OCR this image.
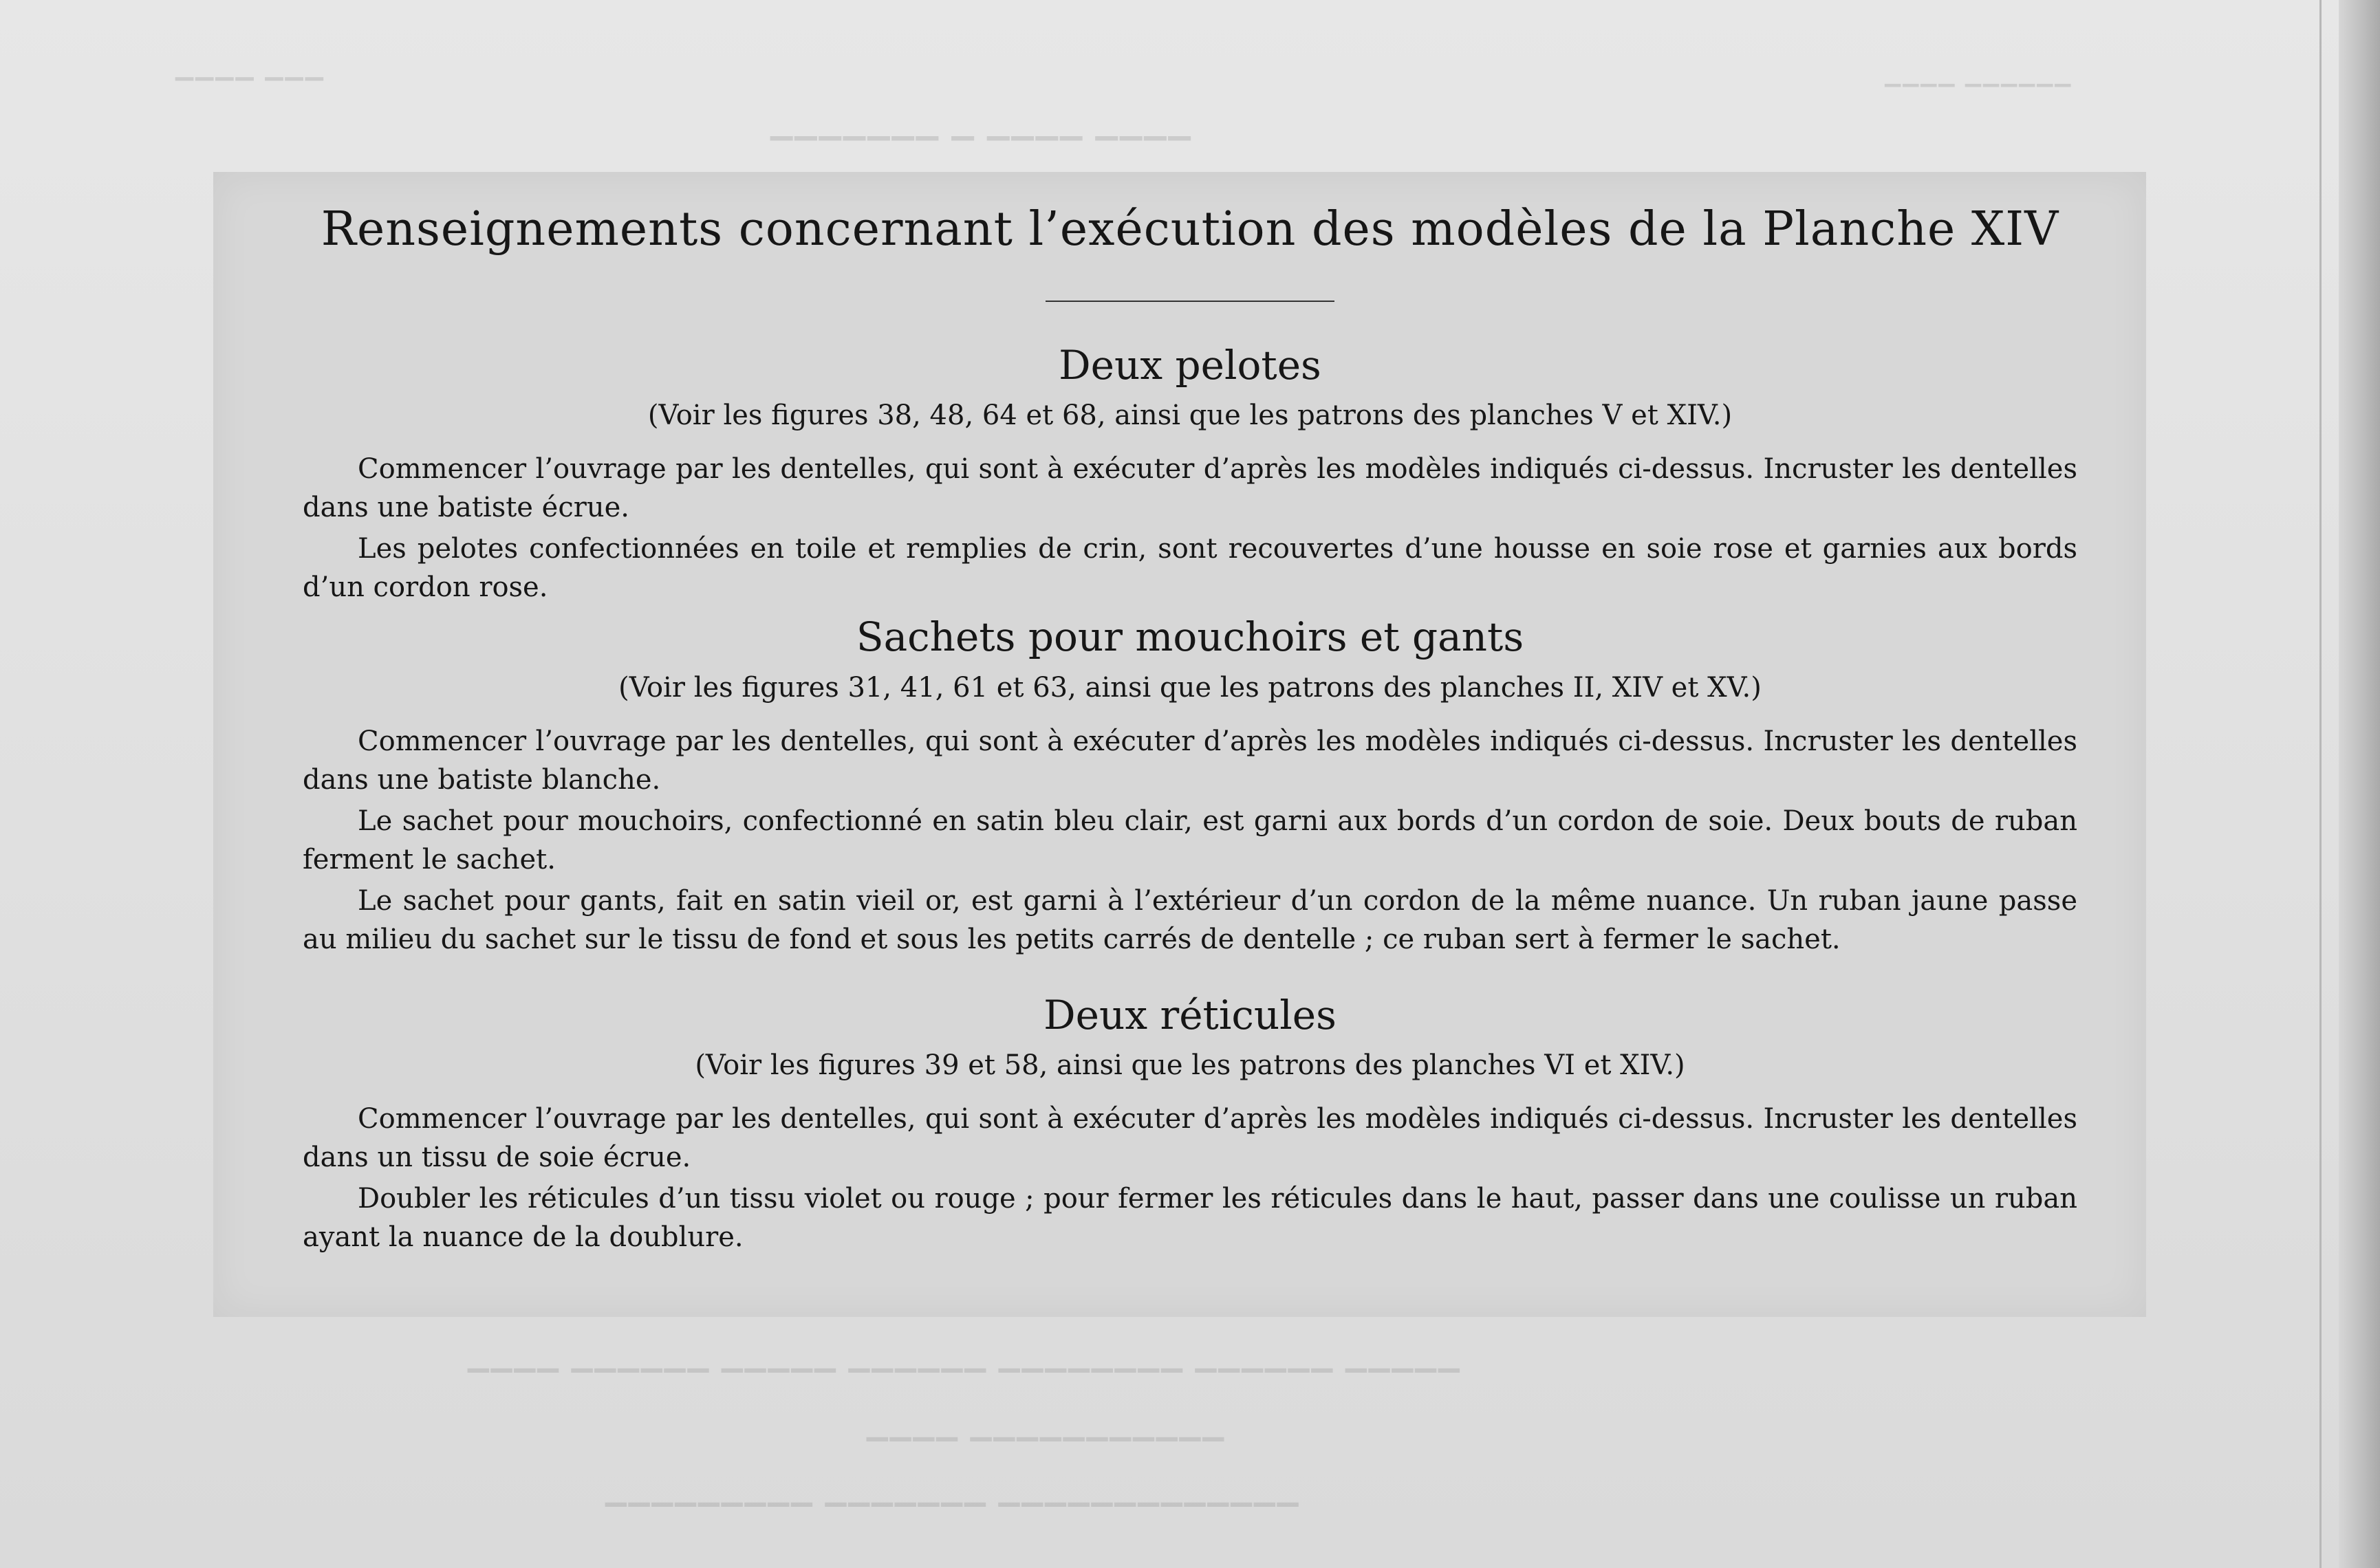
▁▁▁▁ ▁▁▁
▁▁▁▁▁▁▁ ▁ ▁▁▁▁ ▁▁▁▁
▁▁▁▁ ▁▁▁▁▁▁
▁▁▁▁ ▁▁▁▁▁▁ ▁▁▁▁▁ ▁▁▁▁▁▁ ▁▁▁▁▁▁▁▁ ▁▁▁▁▁▁ ▁▁▁▁▁
▁▁▁▁ ▁▁▁▁▁▁▁▁▁▁▁
▁▁▁▁▁▁▁▁▁ ▁▁▁▁▁▁▁ ▁▁▁▁▁▁▁▁▁▁▁▁▁
Renseignements concernant l’exécution des modèles de la Planche XIV
Deux pelotes
(Voir les figures 38, 48, 64 et 68, ainsi que les patrons des planches V et XIV.)

Commencer l’ouvrage par les dentelles, qui sont à exécuter d’après les modèles indiqués ci-dessus. Incruster les dentelles dans une batiste écrue.

Les pelotes confectionnées en toile et remplies de crin, sont recouvertes d’une housse en soie rose et garnies aux bords d’un cordon rose.

Sachets pour mouchoirs et gants
(Voir les figures 31, 41, 61 et 63, ainsi que les patrons des planches II, XIV et XV.)

Commencer l’ouvrage par les dentelles, qui sont à exécuter d’après les modèles indiqués ci-dessus. Incruster les dentelles dans une batiste blanche.

Le sachet pour mouchoirs, confectionné en satin bleu clair, est garni aux bords d’un cordon de soie. Deux bouts de ruban ferment le sachet.

Le sachet pour gants, fait en satin vieil or, est garni à l’extérieur d’un cordon de la même nuance. Un ruban jaune passe au milieu du sachet sur le tissu de fond et sous les petits carrés de dentelle ; ce ruban sert à fermer le sachet.

Deux réticules
(Voir les figures 39 et 58, ainsi que les patrons des planches VI et XIV.)

Commencer l’ouvrage par les dentelles, qui sont à exécuter d’après les modèles indiqués ci-dessus. Incruster les dentelles dans un tissu de soie écrue.

Doubler les réticules d’un tissu violet ou rouge ; pour fermer les réticules dans le haut, passer dans une coulisse un ruban ayant la nuance de la doublure.
